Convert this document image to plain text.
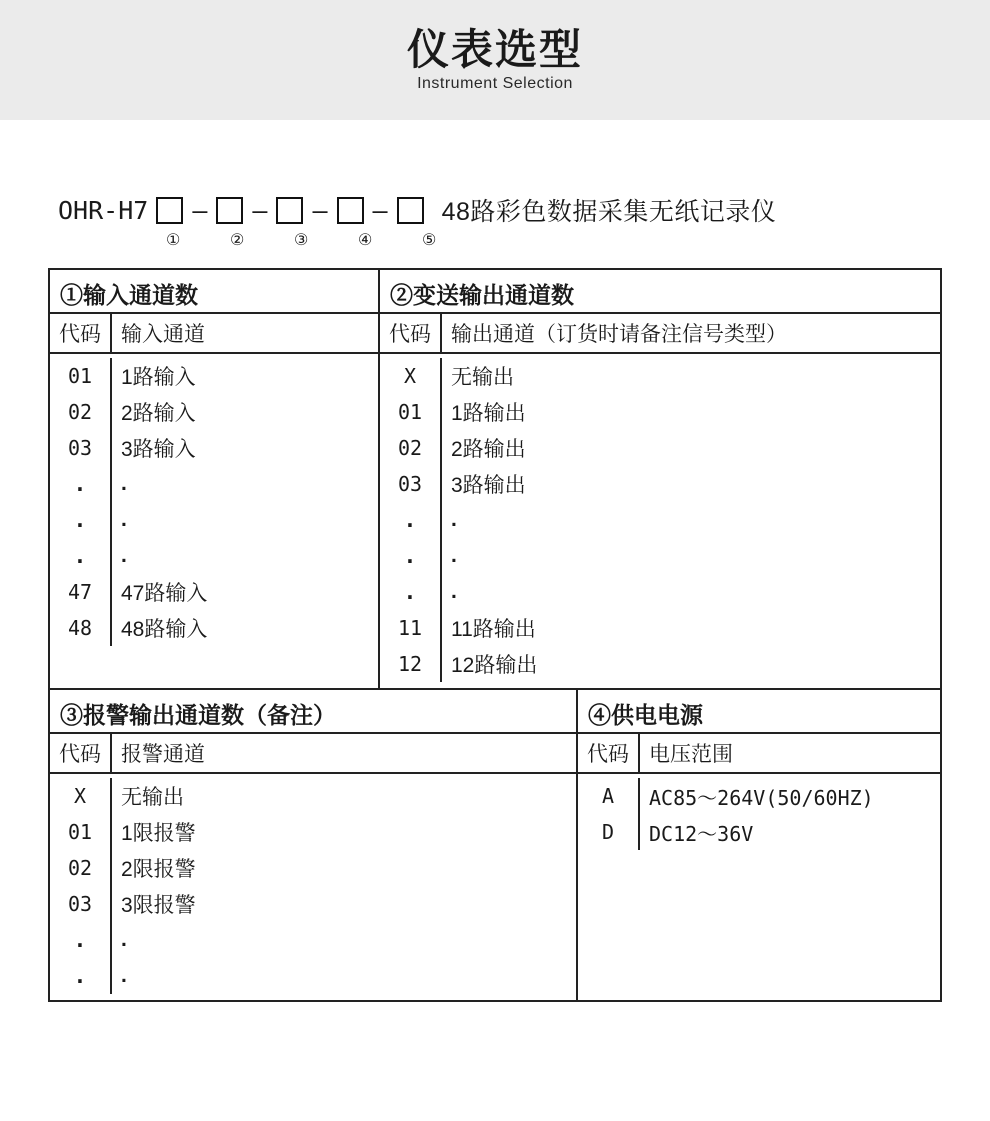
仪表选型
Instrument Selection
OHR-H7 – – – – 48路彩色数据采集无纸记录仪
①	②	③	④	⑤
①输入通道数
代码 输入通道
01	1路输入
02	2路输入
03	3路输入
.	.
.	.
.	.
47	47路输入
48	48路输入
②变送输出通道数
代码 输出通道（订货时请备注信号类型）
X	无输出
01	1路输出
02	2路输出
03	3路输出
.	.
.	.
.	.
11	11路输出
12	12路输出
③报警输出通道数（备注）
代码 报警通道
X	无输出
01	1限报警
02	2限报警
03	3限报警
.	.
.	.
④供电电源
代码 电压范围
A	AC85～264V(50/60HZ)
D	DC12～36V
